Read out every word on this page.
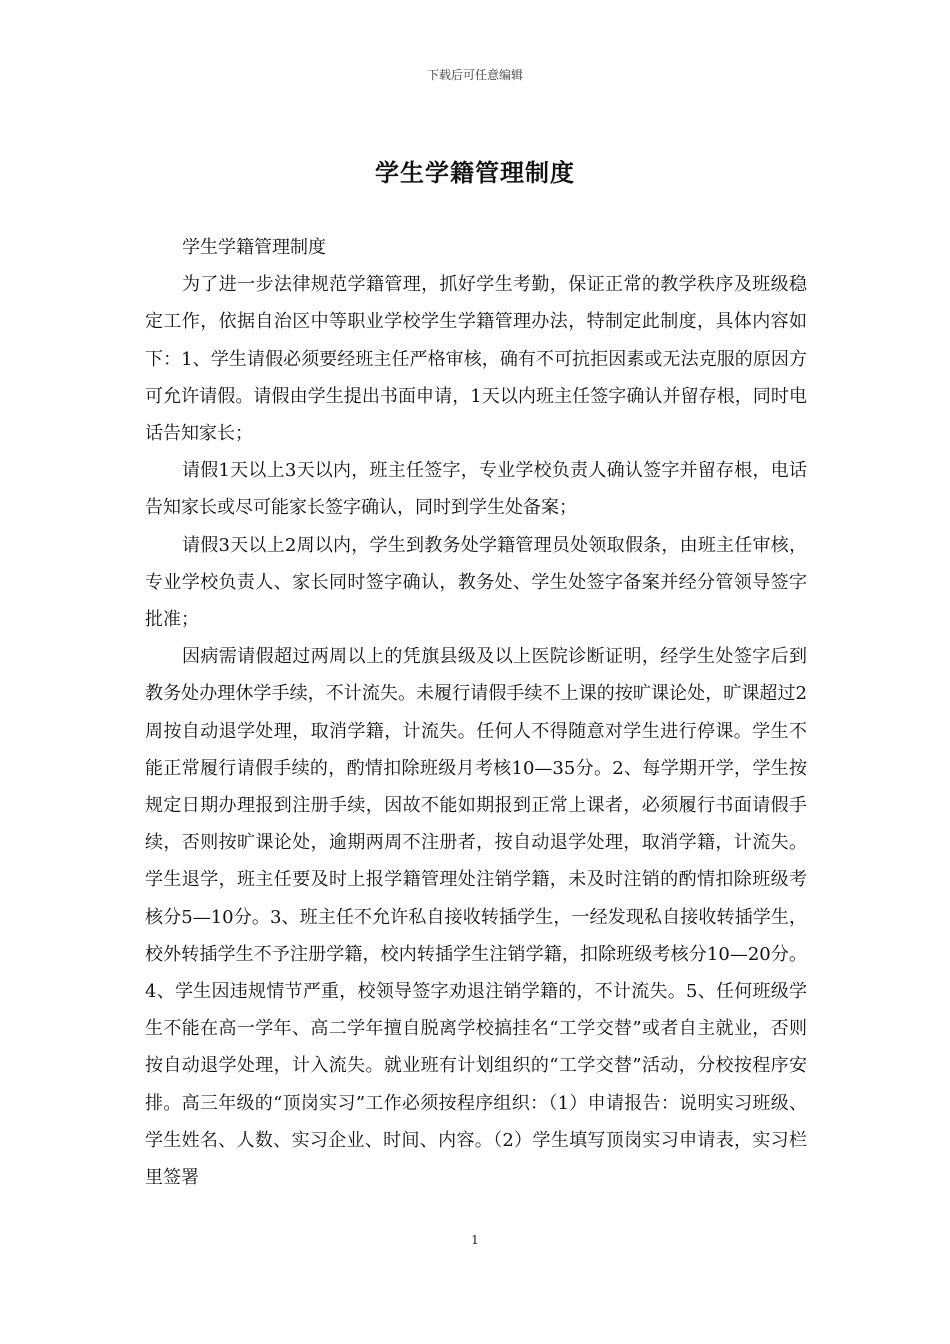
下载后可任意编辑
学生学籍管理制度

学生学籍管理制度

为了进一步法律规范学籍管理，抓好学生考勤，保证正常的教学秩序及班级稳定工作，依据自治区中等职业学校学生学籍管理办法，特制定此制度，具体内容如下：1、学生请假必须要经班主任严格审核，确有不可抗拒因素或无法克服的原因方可允许请假。请假由学生提出书面申请，1天以内班主任签字确认并留存根，同时电话告知家长；

请假1天以上3天以内，班主任签字，专业学校负责人确认签字并留存根，电话告知家长或尽可能家长签字确认，同时到学生处备案；

请假3天以上2周以内，学生到教务处学籍管理员处领取假条，由班主任审核，专业学校负责人、家长同时签字确认，教务处、学生处签字备案并经分管领导签字批准；

因病需请假超过两周以上的凭旗县级及以上医院诊断证明，经学生处签字后到教务处办理休学手续，不计流失。未履行请假手续不上课的按旷课论处，旷课超过2周按自动退学处理，取消学籍，计流失。任何人不得随意对学生进行停课。学生不能正常履行请假手续的，酌情扣除班级月考核10—35分。2、每学期开学，学生按规定日期办理报到注册手续，因故不能如期报到正常上课者，必须履行书面请假手续，否则按旷课论处，逾期两周不注册者，按自动退学处理，取消学籍，计流失。学生退学，班主任要及时上报学籍管理处注销学籍，未及时注销的酌情扣除班级考核分5—10分。3、班主任不允许私自接收转插学生，一经发现私自接收转插学生，校外转插学生不予注册学籍，校内转插学生注销学籍，扣除班级考核分10—20分。4、学生因违规情节严重，校领导签字劝退注销学籍的，不计流失。5、任何班级学生不能在高一学年、高二学年擅自脱离学校搞挂名“工学交替”或者自主就业，否则按自动退学处理，计入流失。就业班有计划组织的“工学交替”活动，分校按程序安排。高三年级的“顶岗实习”工作必须按程序组织：（1）申请报告：说明实习班级、学生姓名、人数、实习企业、时间、内容。（2）学生填写顶岗实习申请表，实习栏里签署

1
